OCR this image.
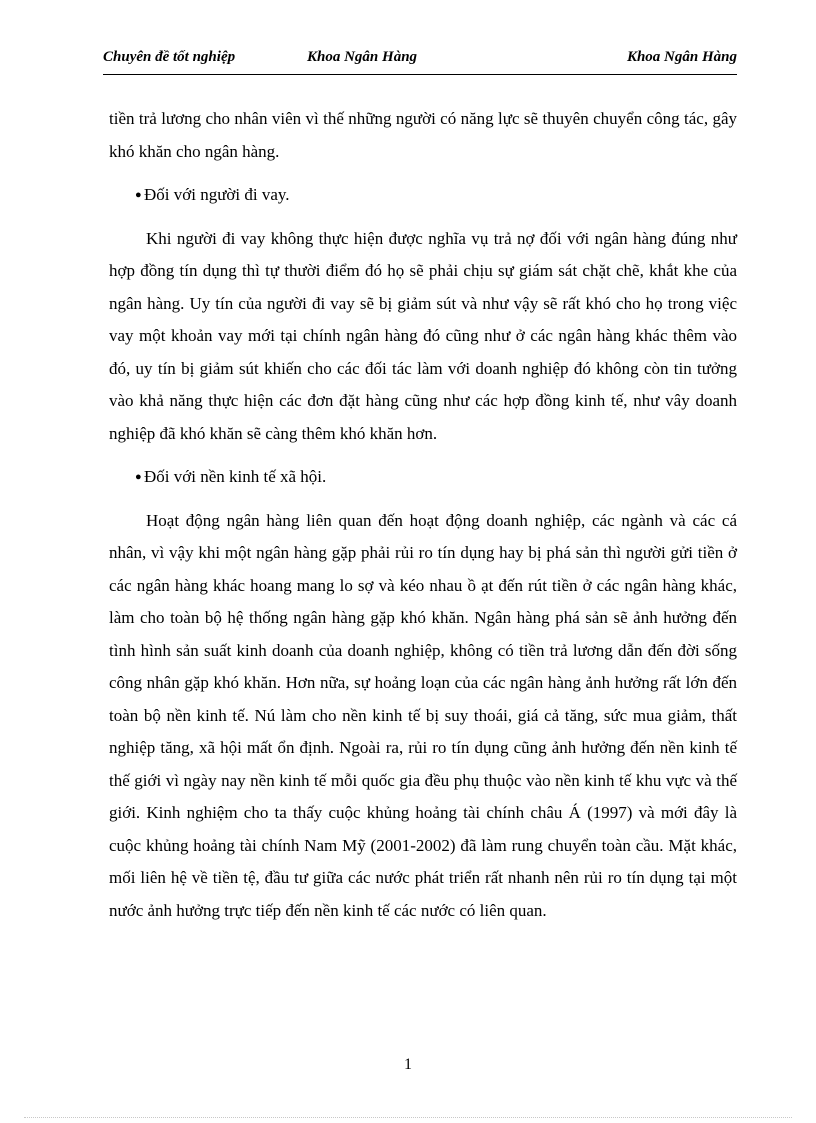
Chuyên đề tốt nghiệp	Khoa Ngân Hàng	Khoa Ngân Hàng

tiền trả lương cho nhân viên vì thế những người có năng lực sẽ thuyên chuyển công tác, gây khó khăn cho ngân hàng.

● Đối với người đi vay.

Khi người đi vay không thực hiện được nghĩa vụ trả nợ đối với ngân hàng đúng như hợp đồng tín dụng thì tự thười điểm đó họ sẽ phải chịu sự giám sát chặt chẽ, khắt khe của ngân hàng. Uy tín của người đi vay sẽ bị giảm sút và như vậy sẽ rất khó cho họ trong việc vay một khoản vay mới tại chính ngân hàng đó cũng như ở các ngân hàng khác thêm vào đó, uy tín bị giảm sút khiến cho các đối tác làm với doanh nghiệp đó không còn tin tưởng vào khả năng thực hiện các đơn đặt hàng cũng như các hợp đồng kinh tế, như vây doanh nghiệp đã khó khăn sẽ càng thêm khó khăn hơn.

● Đối với nền kinh tế xã hội.

Hoạt động ngân hàng liên quan đến hoạt động doanh nghiệp, các ngành và các cá nhân, vì vậy khi một ngân hàng gặp phải rủi ro tín dụng hay bị phá sản thì người gửi tiền ở các ngân hàng khác hoang mang lo sợ và kéo nhau ồ ạt đến rút tiền ở các ngân hàng khác, làm cho toàn bộ hệ thống ngân hàng gặp khó khăn. Ngân hàng phá sản sẽ ảnh hưởng đến tình hình sản suất kinh doanh của doanh nghiệp, không có tiền trả lương dẫn đến đời sống công nhân gặp khó khăn. Hơn nữa, sự hoảng loạn của các ngân hàng ảnh hưởng rất lớn đến toàn bộ nền kinh tế. Nú làm cho nền kinh tế bị suy thoái, giá cả tăng, sức mua giảm, thất nghiệp tăng, xã hội mất ổn định. Ngoài ra, rủi ro tín dụng cũng ảnh hưởng đến nền kinh tế thế giới vì ngày nay nền kinh tế mỗi quốc gia đều phụ thuộc vào nền kinh tế khu vực và thế giới. Kinh nghiệm cho ta thấy cuộc khủng hoảng tài chính châu Á (1997) và mới đây là cuộc khủng hoảng tài chính Nam Mỹ (2001-2002) đã làm rung chuyển toàn cầu. Mặt khác, mối liên hệ về tiền tệ, đầu tư giữa các nước phát triển rất nhanh nên rủi ro tín dụng tại một nước ảnh hưởng trực tiếp đến nền kinh tế các nước có liên quan.

1
